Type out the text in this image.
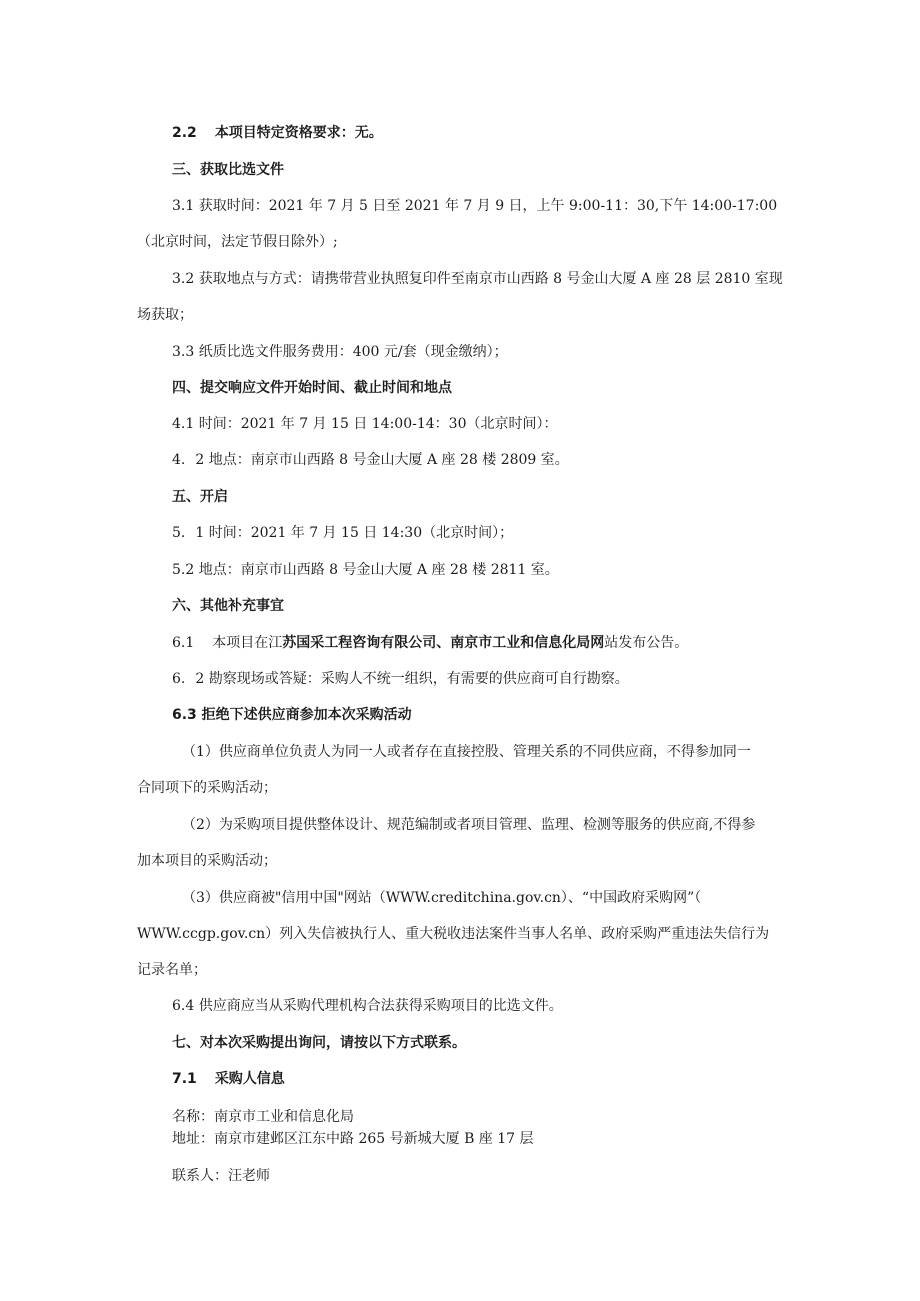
2.2 本项目特定资格要求：无。
三、获取比选文件
3.1 获取时间：2021 年 7 月 5 日至 2021 年 7 月 9 日，上午 9:00-11：30,下午 14:00-17:00
（北京时间，法定节假日除外）;
3.2 获取地点与方式：请携带营业执照复印件至南京市山西路 8 号金山大厦 A 座 28 层 2810 室现
场获取；
3.3 纸质比选文件服务费用：400 元/套（现金缴纳）；
四、提交响应文件开始时间、截止时间和地点
4.1 时间：2021 年 7 月 15 日 14:00-14：30（北京时间）：
4. 2 地点：南京市山西路 8 号金山大厦 A 座 28 楼 2809 室。
五、开启
5. 1 时间：2021 年 7 月 15 日 14:30（北京时间）；
5.2 地点：南京市山西路 8 号金山大厦 A 座 28 楼 2811 室。
六、其他补充事宜
6.1 本项目在江苏国采工程咨询有限公司、南京市工业和信息化局网站发布公告。
6. 2 勘察现场或答疑：采购人不统一组织，有需要的供应商可自行勘察。
6.3 拒绝下述供应商参加本次采购活动
（1）供应商单位负责人为同一人或者存在直接控股、管理关系的不同供应商，不得参加同一
合同项下的采购活动；
（2）为采购项目提供整体设计、规范编制或者项目管理、监理、检测等服务的供应商,不得参
加本项目的采购活动；
（3）供应商被"信用中国"网站（WWW.creditchina.gov.cn）、“中国政府采购网”（
WWW.ccgp.gov.cn）列入失信被执行人、重大税收违法案件当事人名单、政府采购严重违法失信行为
记录名单；
6.4 供应商应当从采购代理机构合法获得采购项目的比选文件。
七、对本次采购提出询问，请按以下方式联系。
7.1 采购人信息
名称：南京市工业和信息化局
地址：南京市建邺区江东中路 265 号新城大厦 B 座 17 层
联系人：汪老师
